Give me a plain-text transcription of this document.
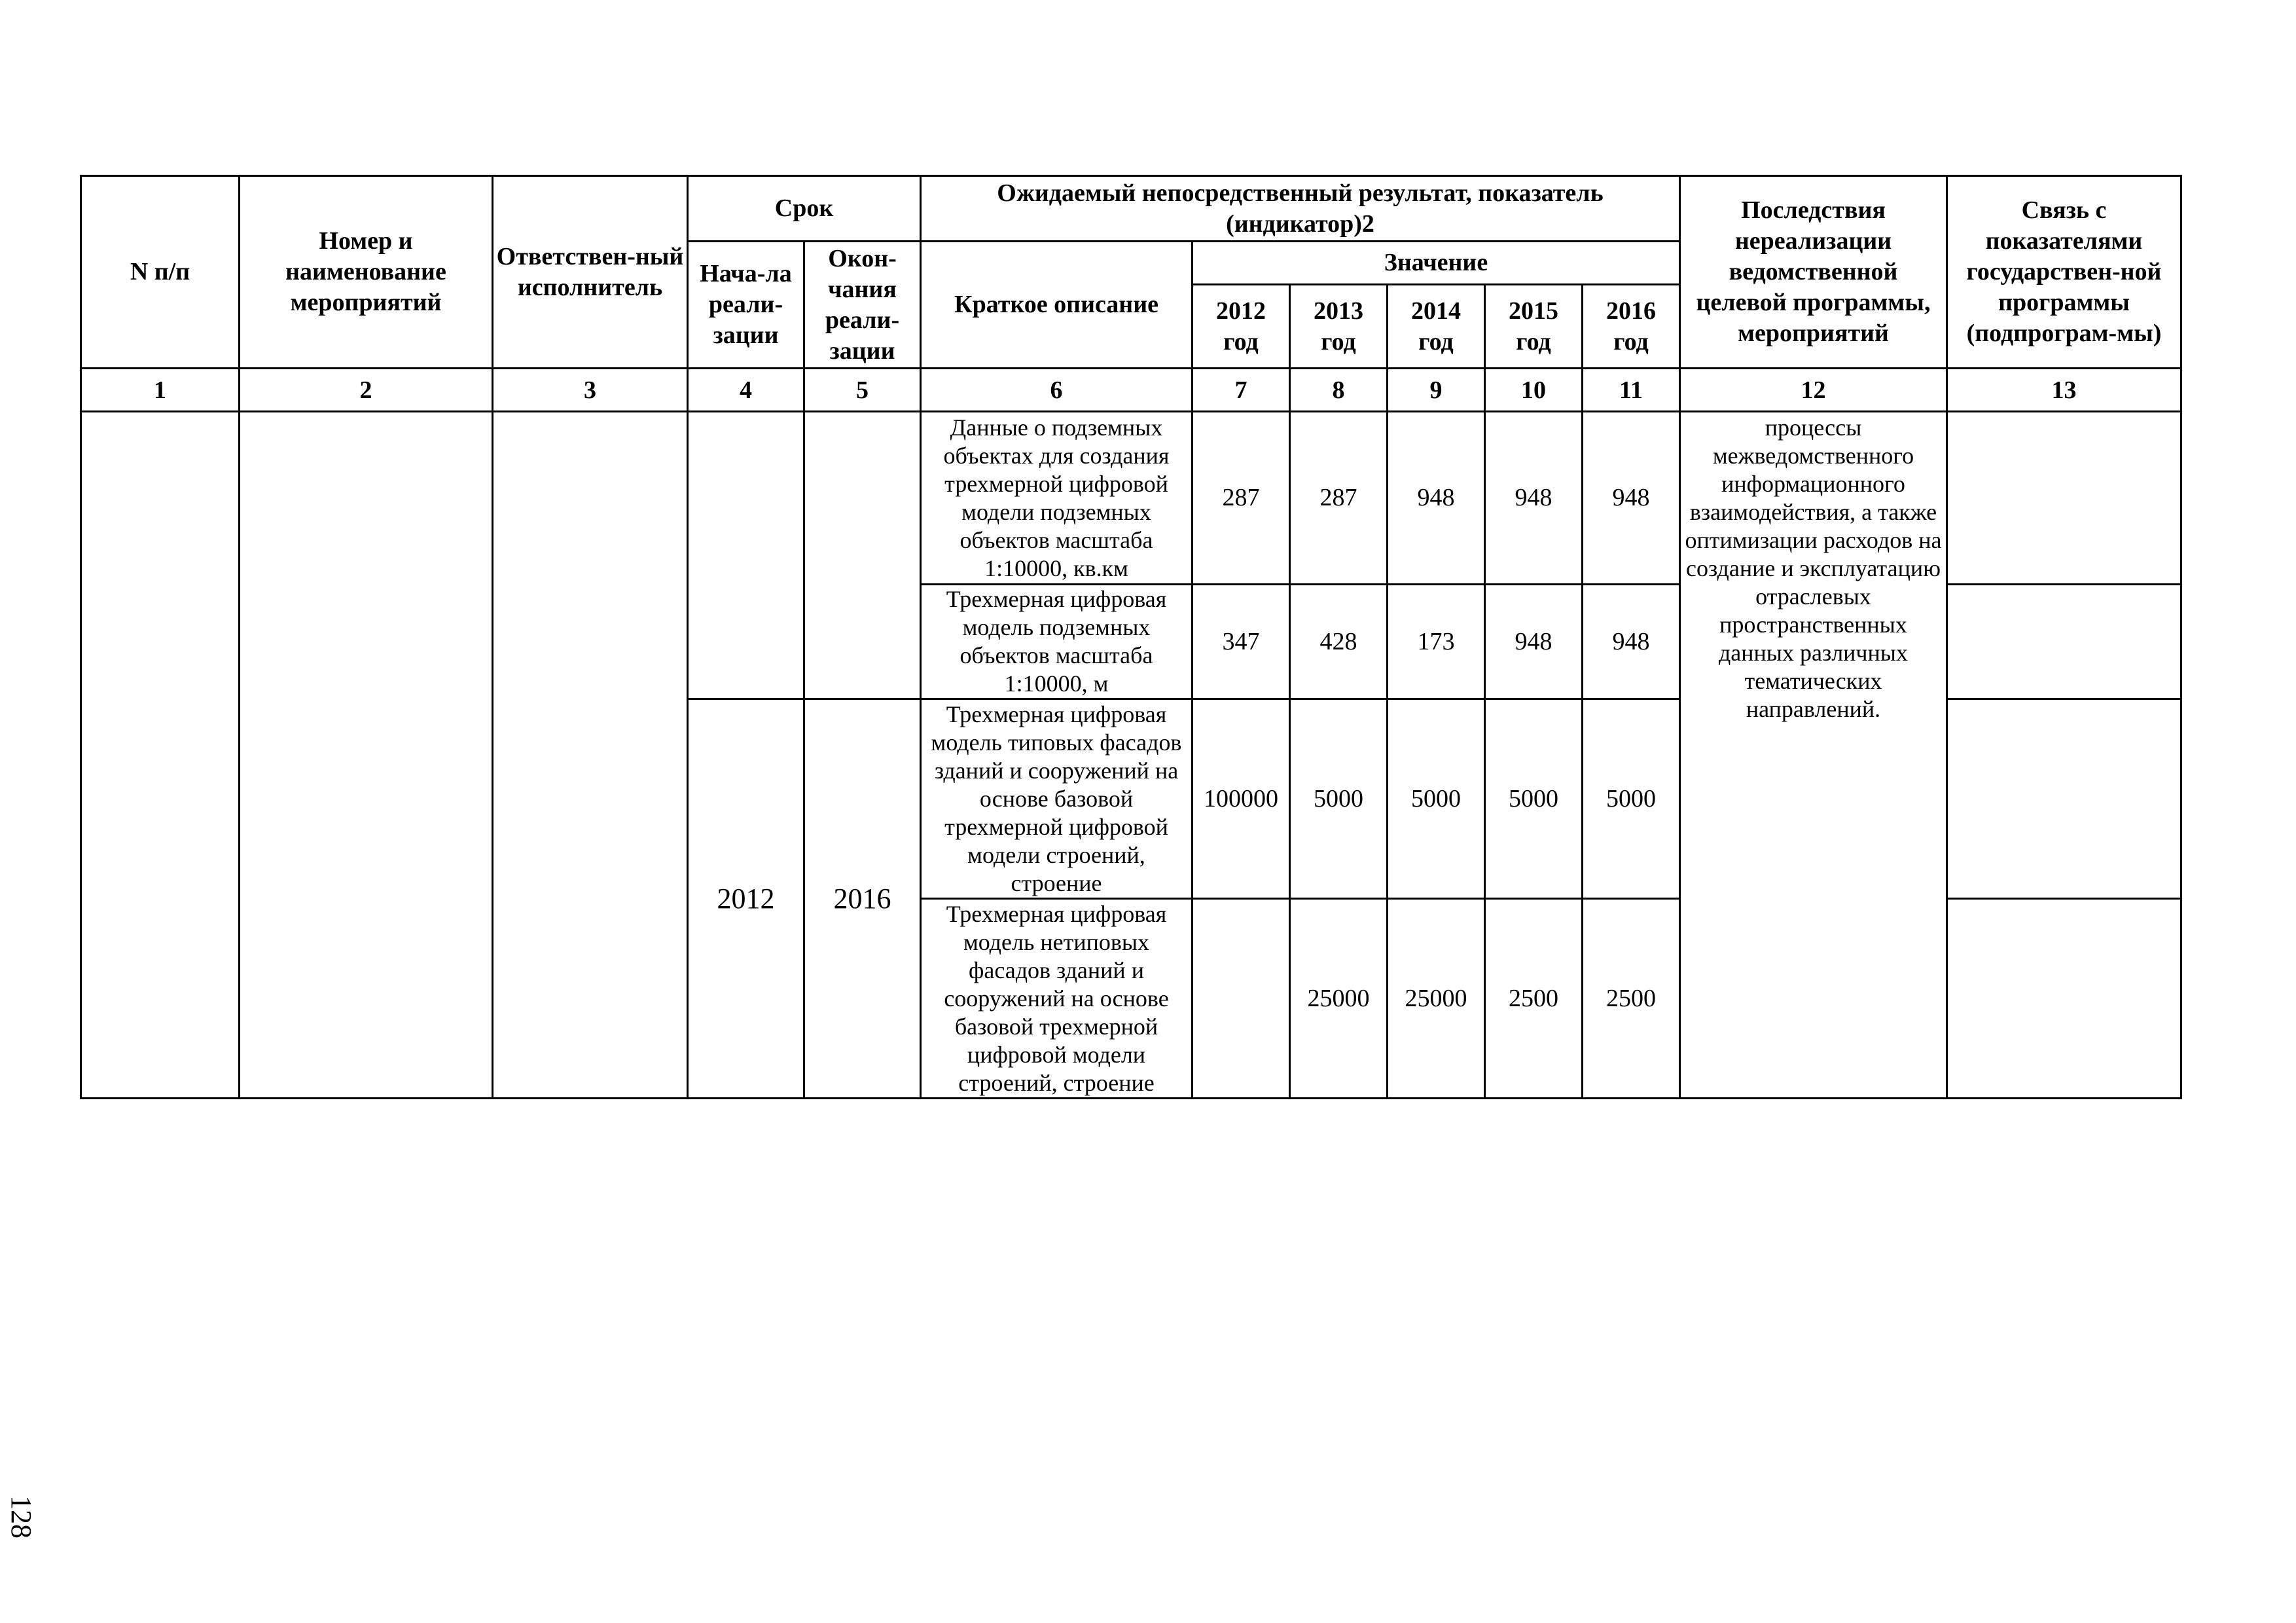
N п/п	Номер и наименование мероприятий	Ответствен-ный исполнитель	Срок		Ожидаемый непосредственный результат, показатель (индикатор)2						Последствия нереализации ведомственной целевой программы, мероприятий	Связь с показателями государствен-ной программы (подпрограм-мы)
			Нача-ла реали-зации	Окон-чания реали-зации	Краткое описание	Значение						
						2012 год	2013 год	2014 год	2015 год	2016 год		
1	2	3	4	5	6	7	8	9	10	11	12	13
					Данные о подземных объектах для создания трехмерной цифровой модели подземных объектов масштаба 1:10000, кв.км	287	287	948	948	948	процессы межведомственного информационного взаимодействия, а также оптимизации расходов на создание и эксплуатацию отраслевых пространственных данных различных тематических направлений.	
					Трехмерная цифровая модель подземных объектов масштаба 1:10000, м	347	428	173	948	948		
			2012	2016	Трехмерная цифровая модель типовых фасадов зданий и сооружений на основе базовой трехмерной цифровой модели строений, строение	100000	5000	5000	5000	5000		
					Трехмерная цифровая модель нетиповых фасадов зданий и сооружений на основе базовой трехмерной цифровой модели строений, строение		25000	25000	2500	2500		
128
